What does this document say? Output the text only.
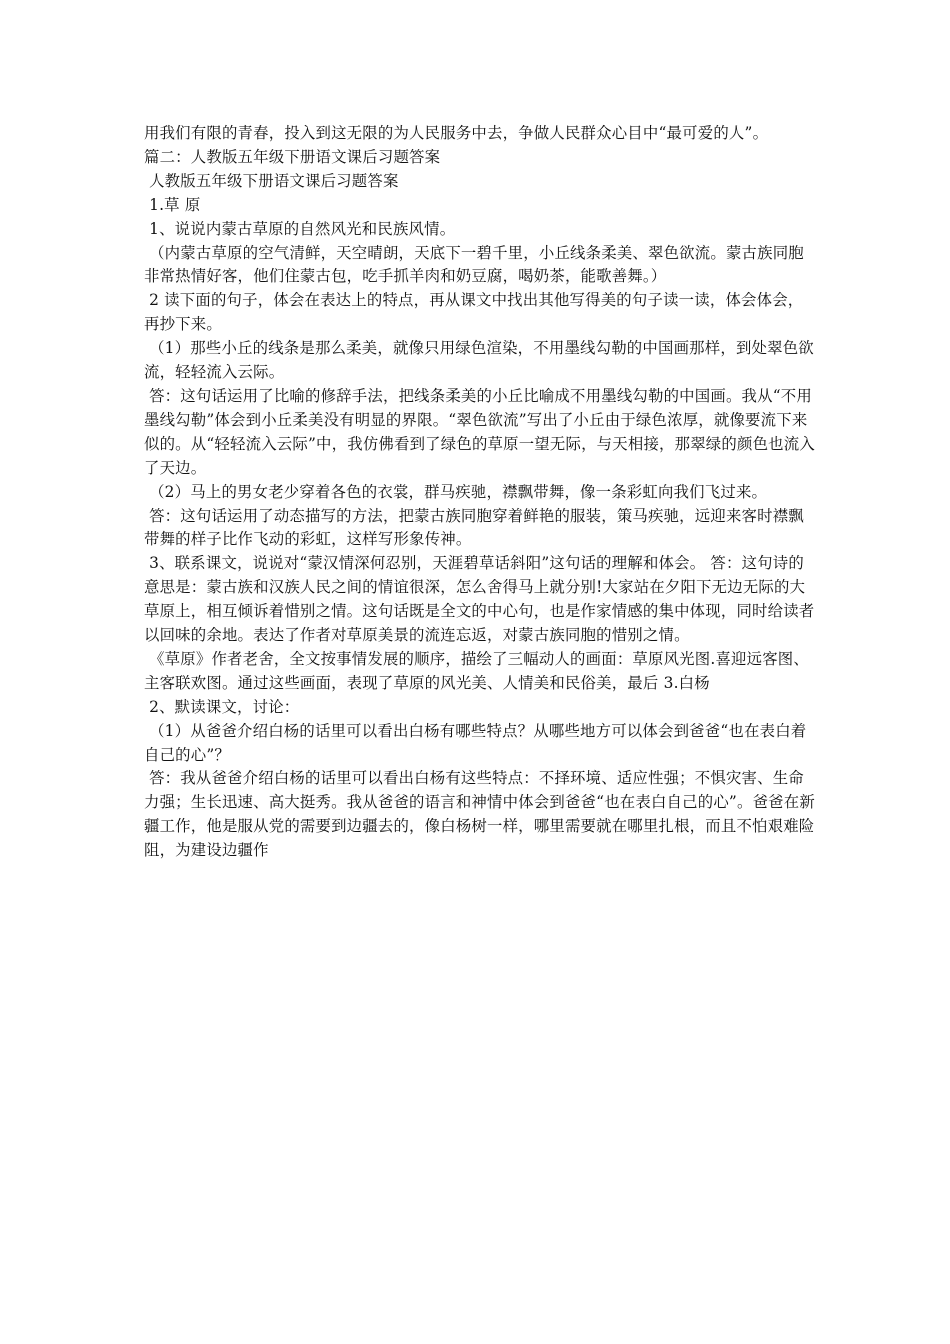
用我们有限的青春，投入到这无限的为人民服务中去，争做人民群众心目中“最可爱的人”。

篇二：人教版五年级下册语文课后习题答案

人教版五年级下册语文课后习题答案

1.草 原

1、说说内蒙古草原的自然风光和民族风情。

（内蒙古草原的空气清鲜，天空晴朗，天底下一碧千里，小丘线条柔美、翠色欲流。蒙古族同胞非常热情好客，他们住蒙古包，吃手抓羊肉和奶豆腐，喝奶茶，能歌善舞。）

2 读下面的句子，体会在表达上的特点，再从课文中找出其他写得美的句子读一读，体会体会，再抄下来。

（1）那些小丘的线条是那么柔美，就像只用绿色渲染，不用墨线勾勒的中国画那样，到处翠色欲流，轻轻流入云际。

答：这句话运用了比喻的修辞手法，把线条柔美的小丘比喻成不用墨线勾勒的中国画。我从“不用墨线勾勒”体会到小丘柔美没有明显的界限。“翠色欲流”写出了小丘由于绿色浓厚，就像要流下来似的。从“轻轻流入云际”中，我仿佛看到了绿色的草原一望无际，与天相接，那翠绿的颜色也流入了天边。

（2）马上的男女老少穿着各色的衣裳，群马疾驰，襟飘带舞，像一条彩虹向我们飞过来。

答：这句话运用了动态描写的方法，把蒙古族同胞穿着鲜艳的服装，策马疾驰，远迎来客时襟飘带舞的样子比作飞动的彩虹，这样写形象传神。

3、联系课文，说说对“蒙汉情深何忍别，天涯碧草话斜阳”这句话的理解和体会。 答：这句诗的意思是：蒙古族和汉族人民之间的情谊很深，怎么舍得马上就分别!大家站在夕阳下无边无际的大草原上，相互倾诉着惜别之情。这句话既是全文的中心句，也是作家情感的集中体现，同时给读者以回味的余地。表达了作者对草原美景的流连忘返，对蒙古族同胞的惜别之情。

《草原》作者老舍，全文按事情发展的顺序，描绘了三幅动人的画面：草原风光图.喜迎远客图、主客联欢图。通过这些画面，表现了草原的风光美、人情美和民俗美，最后 3.白杨

2、默读课文，讨论：

（1）从爸爸介绍白杨的话里可以看出白杨有哪些特点？从哪些地方可以体会到爸爸“也在表白着自己的心”？

答：我从爸爸介绍白杨的话里可以看出白杨有这些特点：不择环境、适应性强；不惧灾害、生命力强；生长迅速、高大挺秀。我从爸爸的语言和神情中体会到爸爸“也在表白自己的心”。爸爸在新疆工作，他是服从党的需要到边疆去的，像白杨树一样，哪里需要就在哪里扎根，而且不怕艰难险阻，为建设边疆作
